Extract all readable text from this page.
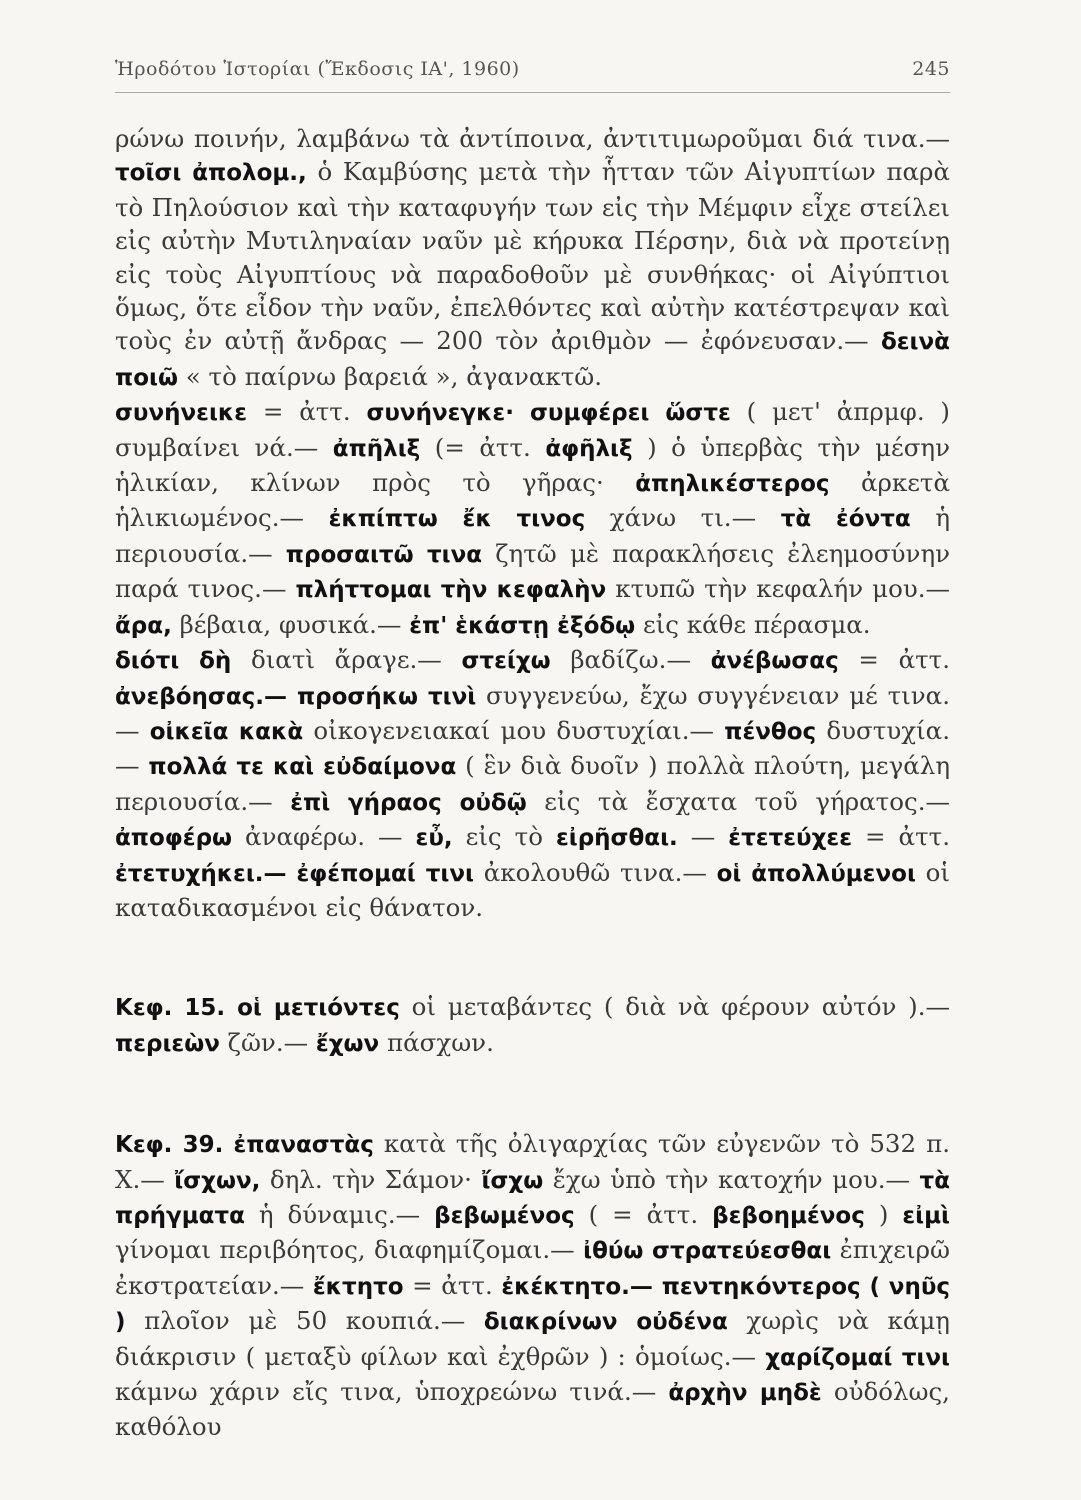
Ἡροδότου Ἱστορίαι (Ἔκδοσις ΙΑ', 1960)	245

ρώνω ποινήν, λαμβάνω τὰ ἀντίποινα, ἀντιτιμωροῦμαι διά τινα.— τοῖσι ἀπολομ., ὁ Καμβύσης μετὰ τὴν ἧτταν τῶν Αἰγυπτίων παρὰ τὸ Πηλούσιον καὶ τὴν καταφυγήν των εἰς τὴν Μέμφιν εἶχε στείλει εἰς αὐτὴν Μυτιληναίαν ναῦν μὲ κήρυκα Πέρσην, διὰ νὰ προτείνῃ εἰς τοὺς Αἰγυπτίους νὰ παραδοθοῦν μὲ συνθήκας· οἱ Αἰγύπτιοι ὅμως, ὅτε εἶδον τὴν ναῦν, ἐπελθόντες καὶ αὐτὴν κατέστρεψαν καὶ τοὺς ἐν αὐτῇ ἄνδρας — 200 τὸν ἀριθμὸν — ἐφόνευσαν.— δεινὰ ποιῶ « τὸ παίρνω βαρειά », ἀγανακτῶ.

συνήνεικε = ἀττ. συνήνεγκε· συμφέρει ὥστε ( μετ' ἀπρμφ. ) συμβαίνει νά.— ἀπῆλιξ (= ἀττ. ἀφῆλιξ ) ὁ ὑπερβὰς τὴν μέσην ἡλικίαν, κλίνων πρὸς τὸ γῆρας· ἀπηλικέστερος ἀρκετὰ ἡλικιωμένος.— ἐκπίπτω ἔκ τινος χάνω τι.— τὰ ἐόντα ἡ περιουσία.— προσαιτῶ τινα ζητῶ μὲ παρακλήσεις ἐλεημοσύνην παρά τινος.— πλήττομαι τὴν κεφαλὴν κτυπῶ τὴν κεφαλήν μου.— ἄρα, βέβαια, φυσικά.— ἐπ' ἑκάστῃ ἐξόδῳ εἰς κάθε πέρασμα.

διότι δὴ διατὶ ἄραγε.— στείχω βαδίζω.— ἀνέβωσας = ἀττ. ἀνεβόησας.— προσήκω τινὶ συγγενεύω, ἔχω συγγένειαν μέ τινα.— οἰκεῖα κακὰ οἰκογενειακαί μου δυστυχίαι.— πένθος δυστυχία.— πολλά τε καὶ εὐδαίμονα ( ἓν διὰ δυοῖν ) πολλὰ πλούτη, μεγάλη περιουσία.— ἐπὶ γήραος οὐδῷ εἰς τὰ ἔσχατα τοῦ γήρατος.— ἀποφέρω ἀναφέρω. — εὖ, εἰς τὸ εἰρῆσθαι. — ἐτετεύχεε = ἀττ. ἐτετυχήκει.— ἐφέπομαί τινι ἀκολουθῶ τινα.— οἱ ἀπολλύμενοι οἱ καταδικασμένοι εἰς θάνατον.

Κεφ. 15. οἱ μετιόντες οἱ μεταβάντες ( διὰ νὰ φέρουν αὐτόν ).— περιεὼν ζῶν.— ἔχων πάσχων.

Κεφ. 39. ἐπαναστὰς κατὰ τῆς ὀλιγαρχίας τῶν εὐγενῶν τὸ 532 π. Χ.— ἴσχων, δηλ. τὴν Σάμον· ἴσχω ἔχω ὑπὸ τὴν κατοχήν μου.— τὰ πρήγματα ἡ δύναμις.— βεβωμένος ( = ἀττ. βεβοημένος ) εἰμὶ γίνομαι περιβόητος, διαφημίζομαι.— ἰθύω στρατεύεσθαι ἐπιχειρῶ ἐκστρατείαν.— ἔκτητο = ἀττ. ἐκέκτητο.— πεντηκόντερος ( νηῦς ) πλοῖον μὲ 50 κουπιά.— διακρίνων οὐδένα χωρὶς νὰ κάμῃ διάκρισιν ( μεταξὺ φίλων καὶ ἐχθρῶν ) : ὁμοίως.— χαρίζομαί τινι κάμνω χάριν εἴς τινα, ὑποχρεώνω τινά.— ἀρχὴν μηδὲ οὐδόλως, καθόλου
